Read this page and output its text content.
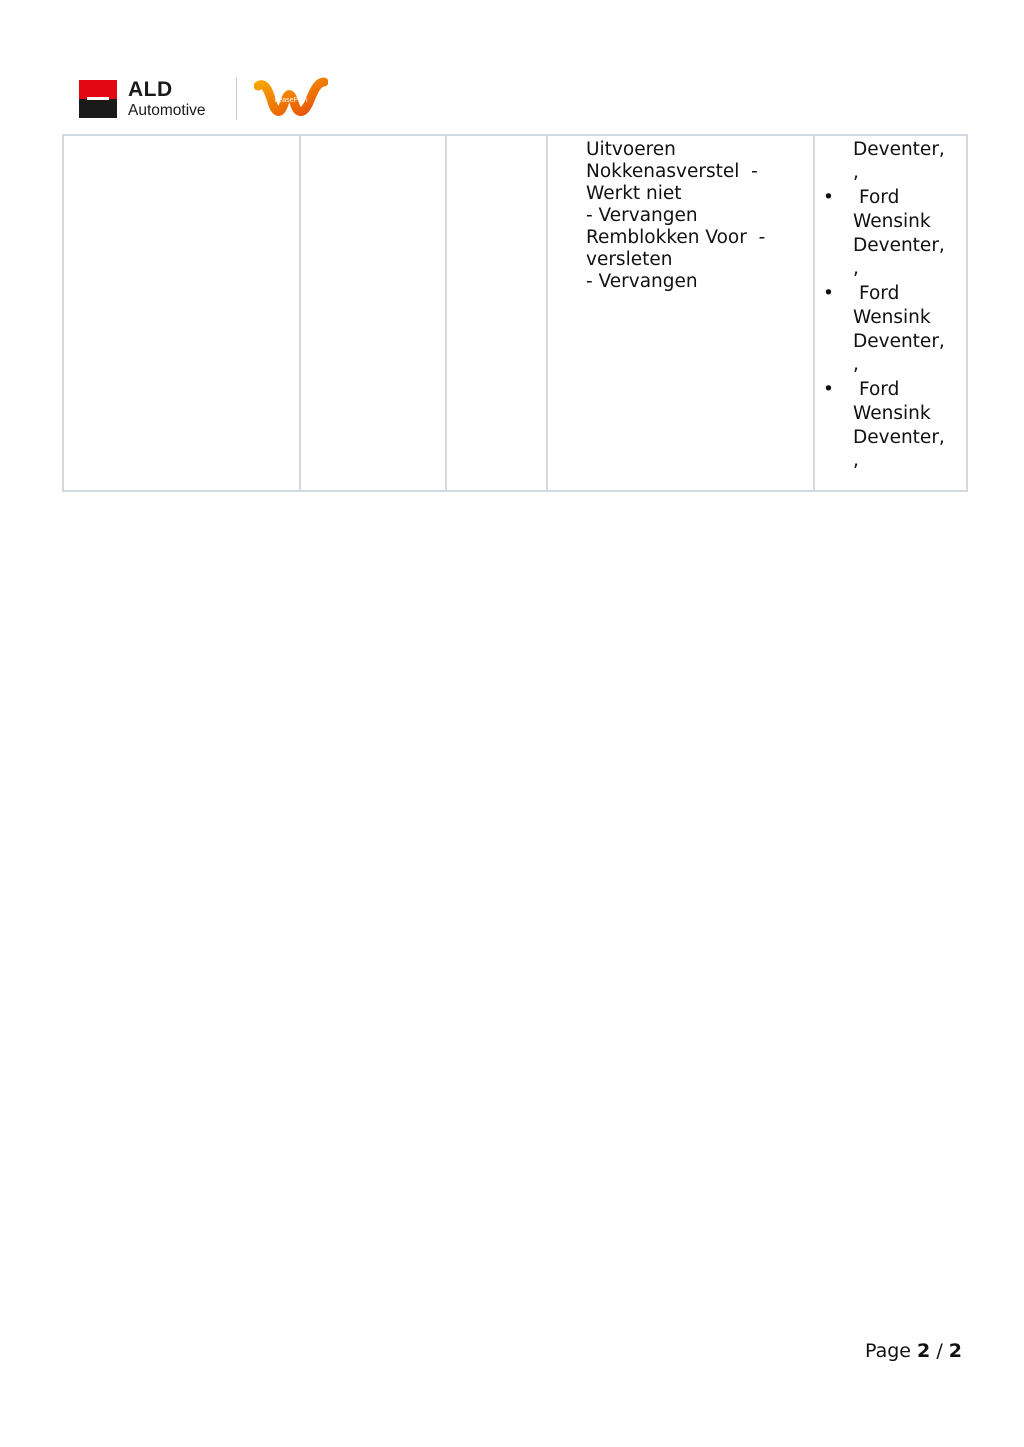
ALD
Automotive
LeasePlan

Uitvoeren
Nokkenasverstel  -
Werkt niet
- Vervangen
Remblokken Voor  -
versleten
- Vervangen

Deventer,
,
•	Ford
Wensink
Deventer,
,
•	Ford
Wensink
Deventer,
,
•	Ford
Wensink
Deventer,
,
Page 2 / 2
